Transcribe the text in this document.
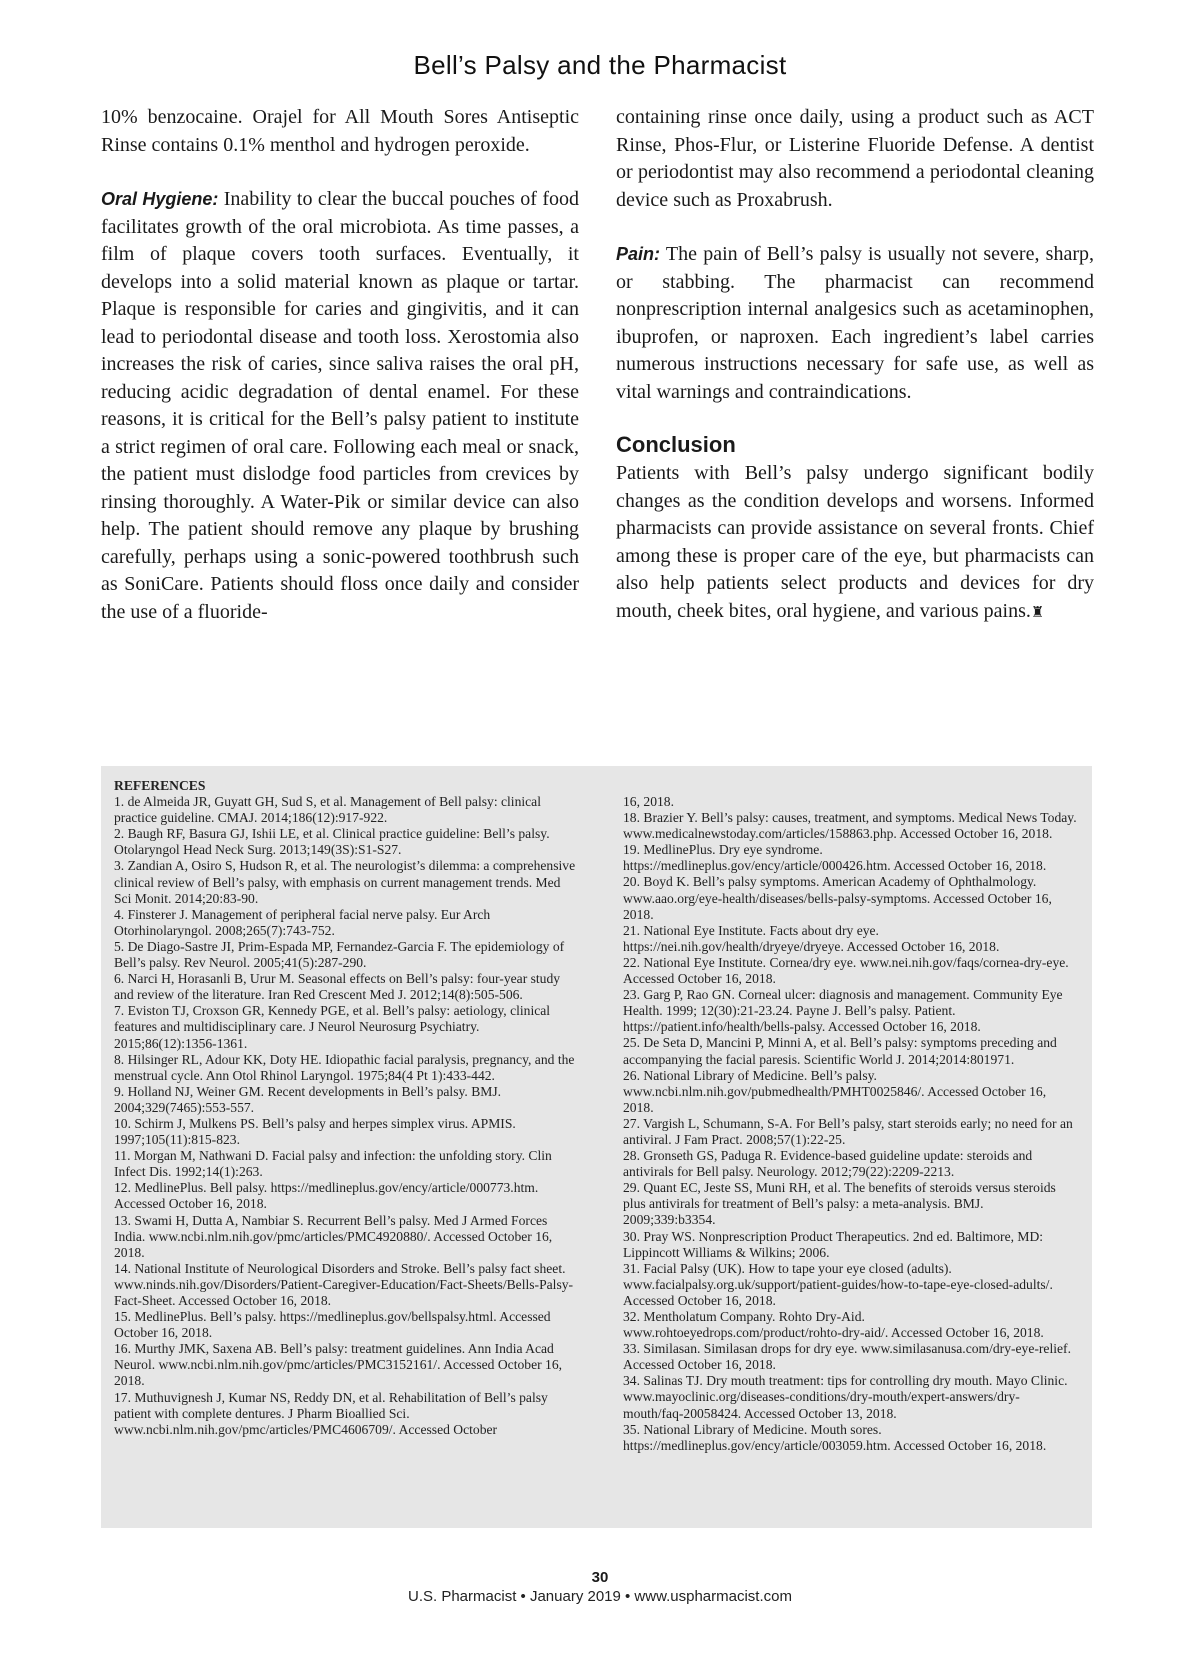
Bell’s Palsy and the Pharmacist

10% benzocaine. Orajel for All Mouth Sores Antiseptic Rinse contains 0.1% menthol and hydrogen peroxide.

Oral Hygiene: Inability to clear the buccal pouches of food facilitates growth of the oral microbiota. As time passes, a film of plaque covers tooth surfaces. Eventually, it develops into a solid material known as plaque or tartar. Plaque is responsible for caries and gingivitis, and it can lead to periodontal disease and tooth loss. Xerostomia also increases the risk of caries, since saliva raises the oral pH, reducing acidic degradation of dental enamel. For these reasons, it is critical for the Bell’s palsy patient to institute a strict regimen of oral care. Following each meal or snack, the patient must dislodge food particles from crevices by rinsing thoroughly. A Water-Pik or similar device can also help. The patient should remove any plaque by brushing carefully, perhaps using a sonic-powered toothbrush such as SoniCare. Patients should floss once daily and consider the use of a fluoride-

containing rinse once daily, using a product such as ACT Rinse, Phos-Flur, or Listerine Fluoride Defense. A dentist or periodontist may also recommend a periodontal cleaning device such as Proxabrush.

Pain: The pain of Bell’s palsy is usually not severe, sharp, or stabbing. The pharmacist can recommend nonprescription internal analgesics such as acetaminophen, ibuprofen, or naproxen. Each ingredient’s label carries numerous instructions necessary for safe use, as well as vital warnings and contraindications.

Conclusion

Patients with Bell’s palsy undergo significant bodily changes as the condition develops and worsens. Informed pharmacists can provide assistance on several fronts. Chief among these is proper care of the eye, but pharmacists can also help patients select products and devices for dry mouth, cheek bites, oral hygiene, and various pains.♜

REFERENCES

1. de Almeida JR, Guyatt GH, Sud S, et al. Management of Bell palsy: clinical practice guideline. CMAJ. 2014;186(12):917-922.

2. Baugh RF, Basura GJ, Ishii LE, et al. Clinical practice guideline: Bell’s palsy. Otolaryngol Head Neck Surg. 2013;149(3S):S1-S27.

3. Zandian A, Osiro S, Hudson R, et al. The neurologist’s dilemma: a comprehensive clinical review of Bell’s palsy, with emphasis on current management trends. Med Sci Monit. 2014;20:83-90.

4. Finsterer J. Management of peripheral facial nerve palsy. Eur Arch Otorhinolaryngol. 2008;265(7):743-752.

5. De Diago-Sastre JI, Prim-Espada MP, Fernandez-Garcia F. The epidemiology of Bell’s palsy. Rev Neurol. 2005;41(5):287-290.

6. Narci H, Horasanli B, Urur M. Seasonal effects on Bell’s palsy: four-year study and review of the literature. Iran Red Crescent Med J. 2012;14(8):505-506.

7. Eviston TJ, Croxson GR, Kennedy PGE, et al. Bell’s palsy: aetiology, clinical features and multidisciplinary care. J Neurol Neurosurg Psychiatry. 2015;86(12):1356-1361.

8. Hilsinger RL, Adour KK, Doty HE. Idiopathic facial paralysis, pregnancy, and the menstrual cycle. Ann Otol Rhinol Laryngol. 1975;84(4 Pt 1):433-442.

9. Holland NJ, Weiner GM. Recent developments in Bell’s palsy. BMJ. 2004;329(7465):553-557.

10. Schirm J, Mulkens PS. Bell’s palsy and herpes simplex virus. APMIS. 1997;105(11):815-823.

11. Morgan M, Nathwani D. Facial palsy and infection: the unfolding story. Clin Infect Dis. 1992;14(1):263.

12. MedlinePlus. Bell palsy. https://medlineplus.gov/ency/article/000773.htm. Accessed October 16, 2018.

13. Swami H, Dutta A, Nambiar S. Recurrent Bell’s palsy. Med J Armed Forces India. www.ncbi.nlm.nih.gov/pmc/articles/PMC4920880/. Accessed October 16, 2018.

14. National Institute of Neurological Disorders and Stroke. Bell’s palsy fact sheet. www.ninds.nih.gov/Disorders/Patient-Caregiver-Education/Fact-Sheets/Bells-Palsy-Fact-Sheet. Accessed October 16, 2018.

15. MedlinePlus. Bell’s palsy. https://medlineplus.gov/bellspalsy.html. Accessed October 16, 2018.

16. Murthy JMK, Saxena AB. Bell’s palsy: treatment guidelines. Ann India Acad Neurol. www.ncbi.nlm.nih.gov/pmc/articles/PMC3152161/. Accessed October 16, 2018.

17. Muthuvignesh J, Kumar NS, Reddy DN, et al. Rehabilitation of Bell’s palsy patient with complete dentures. J Pharm Bioallied Sci. www.ncbi.nlm.nih.gov/pmc/articles/PMC4606709/. Accessed October

16, 2018.

18. Brazier Y. Bell’s palsy: causes, treatment, and symptoms. Medical News Today. www.medicalnewstoday.com/articles/158863.php. Accessed October 16, 2018.

19. MedlinePlus. Dry eye syndrome. https://medlineplus.gov/ency/article/000426.htm. Accessed October 16, 2018.

20. Boyd K. Bell’s palsy symptoms. American Academy of Ophthalmology. www.aao.org/eye-health/diseases/bells-palsy-symptoms. Accessed October 16, 2018.

21. National Eye Institute. Facts about dry eye. https://nei.nih.gov/health/dryeye/dryeye. Accessed October 16, 2018.

22. National Eye Institute. Cornea/dry eye. www.nei.nih.gov/faqs/cornea-dry-eye. Accessed October 16, 2018.

23. Garg P, Rao GN. Corneal ulcer: diagnosis and management. Community Eye Health. 1999; 12(30):21-23.24. Payne J. Bell’s palsy. Patient. https://patient.info/health/bells-palsy. Accessed October 16, 2018.

25. De Seta D, Mancini P, Minni A, et al. Bell’s palsy: symptoms preceding and accompanying the facial paresis. Scientific World J. 2014;2014:801971.

26. National Library of Medicine. Bell’s palsy. www.ncbi.nlm.nih.gov/pubmedhealth/PMHT0025846/. Accessed October 16, 2018.

27. Vargish L, Schumann, S-A. For Bell’s palsy, start steroids early; no need for an antiviral. J Fam Pract. 2008;57(1):22-25.

28. Gronseth GS, Paduga R. Evidence-based guideline update: steroids and antivirals for Bell palsy. Neurology. 2012;79(22):2209-2213.

29. Quant EC, Jeste SS, Muni RH, et al. The benefits of steroids versus steroids plus antivirals for treatment of Bell’s palsy: a meta-analysis. BMJ. 2009;339:b3354.

30. Pray WS. Nonprescription Product Therapeutics. 2nd ed. Baltimore, MD: Lippincott Williams & Wilkins; 2006.

31. Facial Palsy (UK). How to tape your eye closed (adults). www.facialpalsy.org.uk/support/patient-guides/how-to-tape-eye-closed-adults/. Accessed October 16, 2018.

32. Mentholatum Company. Rohto Dry-Aid. www.rohtoeyedrops.com/product/rohto-dry-aid/. Accessed October 16, 2018.

33. Similasan. Similasan drops for dry eye. www.similasanusa.com/dry-eye-relief. Accessed October 16, 2018.

34. Salinas TJ. Dry mouth treatment: tips for controlling dry mouth. Mayo Clinic. www.mayoclinic.org/diseases-conditions/dry-mouth/expert-answers/dry-mouth/faq-20058424. Accessed October 13, 2018.

35. National Library of Medicine. Mouth sores. https://medlineplus.gov/ency/article/003059.htm. Accessed October 16, 2018.

30
U.S. Pharmacist • January 2019 • www.uspharmacist.com
